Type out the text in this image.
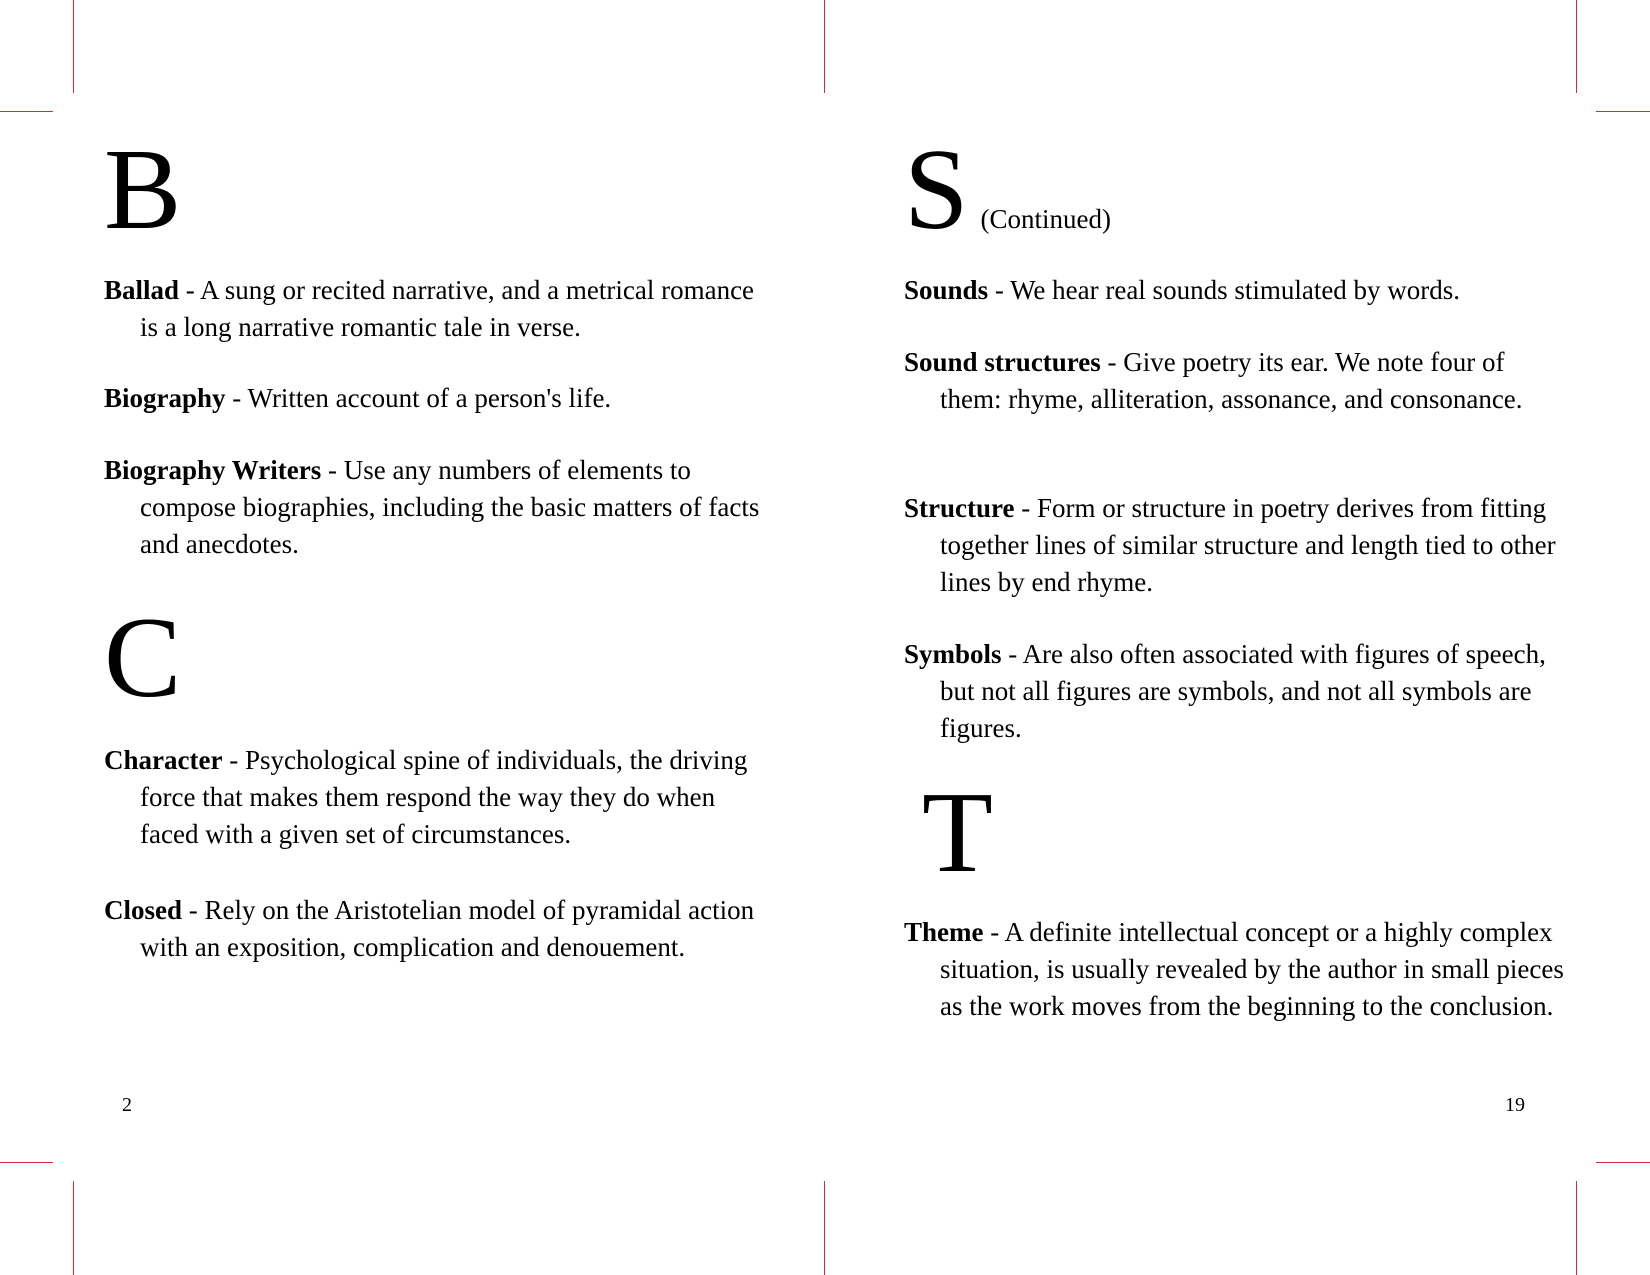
B

Ballad - A sung or recited narrative, and a metrical romance is a long narrative romantic tale in verse.

Biography - Written account of a person's life.

Biography Writers - Use any numbers of elements to compose biographies, including the basic matters of facts and anecdotes.

C

Character - Psychological spine of individuals, the driving force that makes them respond the way they do when faced with a given set of circumstances.

Closed - Rely on the Aristotelian model of pyramidal action with an exposition, complication and denouement.

2
S (Continued)

Sounds - We hear real sounds stimulated by words.

Sound structures - Give poetry its ear. We note four of them: rhyme, alliteration, assonance, and consonance.

Structure - Form or structure in poetry derives from fitting together lines of similar structure and length tied to other lines by end rhyme.

Symbols - Are also often associated with figures of speech, but not all figures are symbols, and not all symbols are figures.

T

Theme - A definite intellectual concept or a highly complex situation, is usually revealed by the author in small pieces as the work moves from the beginning to the conclusion.

19
